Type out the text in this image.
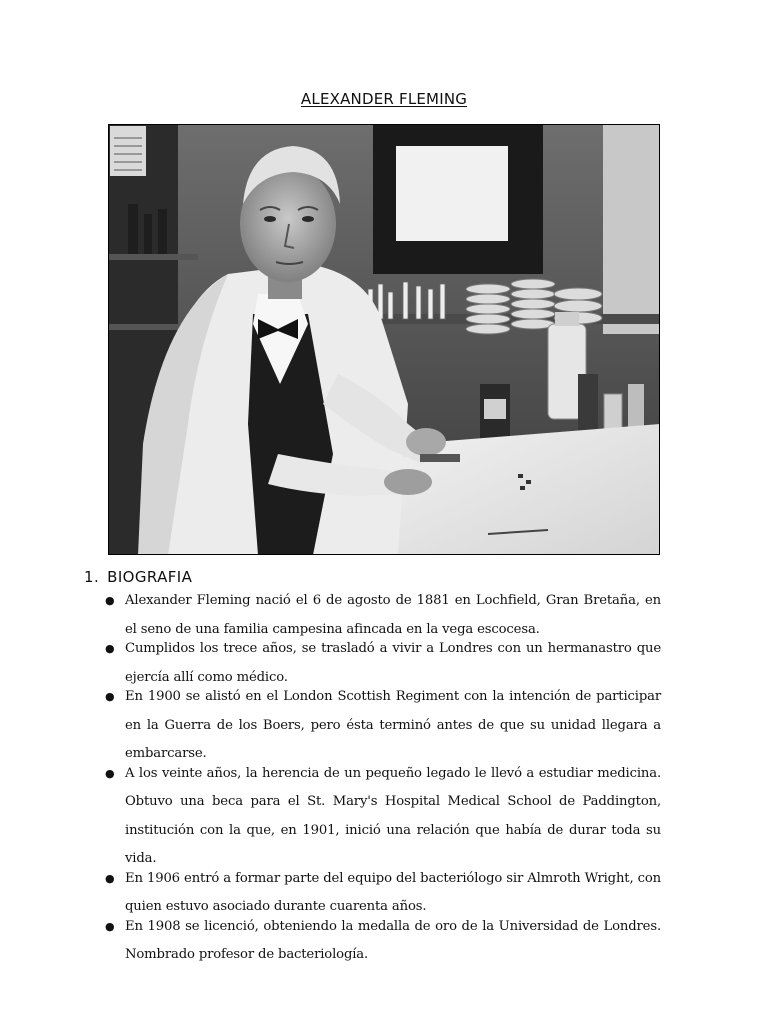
ALEXANDER FLEMING
1. BIOGRAFIA
● Alexander Fleming nació el 6 de agosto de 1881 en Lochfield, Gran Bretaña, en el seno de una familia campesina afincada en la vega escocesa.
● Cumplidos los trece años, se trasladó a vivir a Londres con un hermanastro que ejercía allí como médico.
● En 1900 se alistó en el London Scottish Regiment con la intención de participar en la Guerra de los Boers, pero ésta terminó antes de que su unidad llegara a embarcarse.
● A los veinte años, la herencia de un pequeño legado le llevó a estudiar medicina. Obtuvo una beca para el St. Mary's Hospital Medical School de Paddington, institución con la que, en 1901, inició una relación que había de durar toda su vida.
● En 1906 entró a formar parte del equipo del bacteriólogo sir Almroth Wright, con quien estuvo asociado durante cuarenta años.
● En 1908 se licenció, obteniendo la medalla de oro de la Universidad de Londres. Nombrado profesor de bacteriología.
